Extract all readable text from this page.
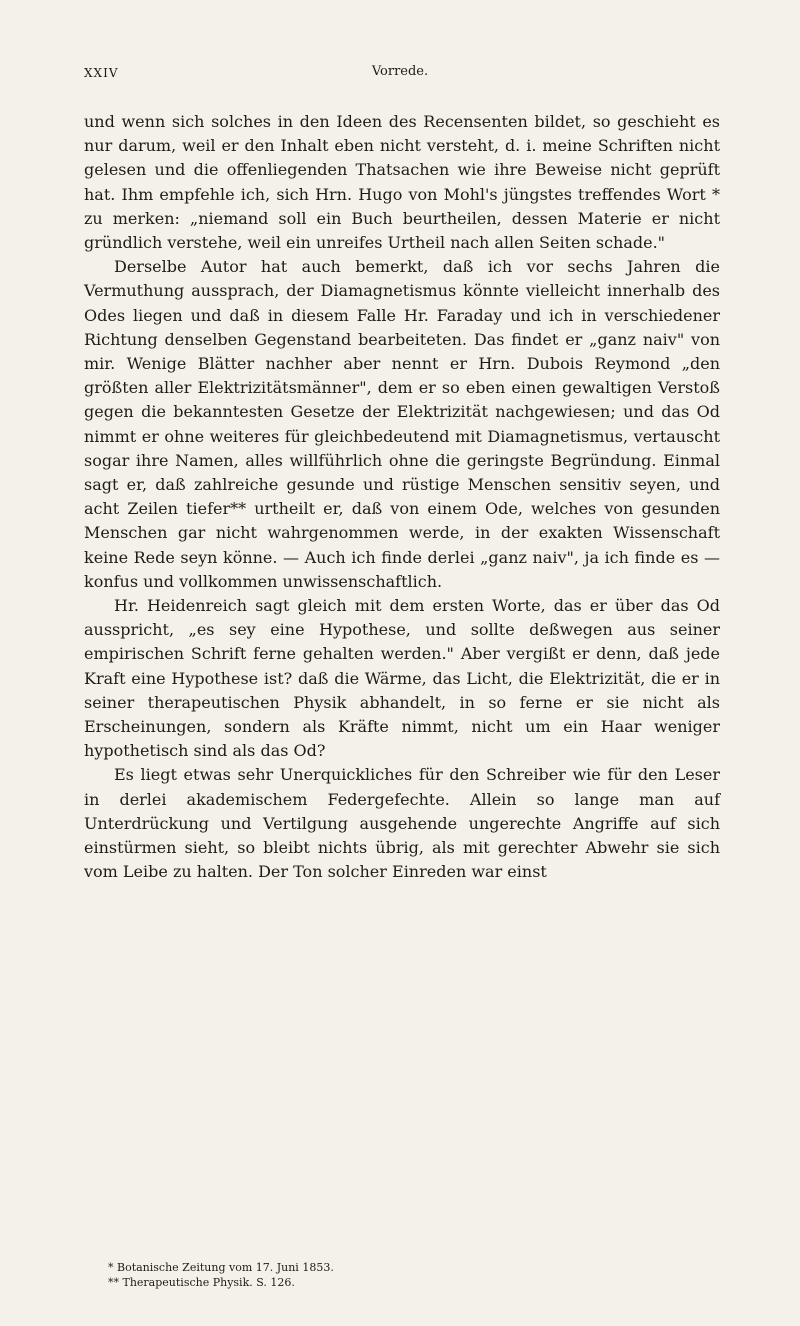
XXIV	Vorrede.

und wenn sich solches in den Ideen des Recensenten bildet, so geschieht es nur darum, weil er den Inhalt eben nicht versteht, d. i. meine Schriften nicht gelesen und die offenliegenden Thatsachen wie ihre Beweise nicht geprüft hat. Ihm empfehle ich, sich Hrn. Hugo von Mohl's jüngstes treffendes Wort * zu merken: „niemand soll ein Buch beurtheilen, dessen Materie er nicht gründlich verstehe, weil ein unreifes Urtheil nach allen Seiten schade."

Derselbe Autor hat auch bemerkt, daß ich vor sechs Jahren die Vermuthung aussprach, der Diamagnetismus könnte vielleicht innerhalb des Odes liegen und daß in diesem Falle Hr. Faraday und ich in verschiedener Richtung denselben Gegenstand bearbeiteten. Das findet er „ganz naiv" von mir. Wenige Blätter nachher aber nennt er Hrn. Dubois Reymond „den größten aller Elektrizitätsmänner", dem er so eben einen gewaltigen Verstoß gegen die bekanntesten Gesetze der Elektrizität nachgewiesen; und das Od nimmt er ohne weiteres für gleichbedeutend mit Diamagnetismus, vertauscht sogar ihre Namen, alles willführlich ohne die geringste Begründung. Einmal sagt er, daß zahlreiche gesunde und rüstige Menschen sensitiv seyen, und acht Zeilen tiefer** urtheilt er, daß von einem Ode, welches von gesunden Menschen gar nicht wahrgenommen werde, in der exakten Wissenschaft keine Rede seyn könne. — Auch ich finde derlei „ganz naiv", ja ich finde es — konfus und vollkommen unwissenschaftlich.

Hr. Heidenreich sagt gleich mit dem ersten Worte, das er über das Od ausspricht, „es sey eine Hypothese, und sollte deßwegen aus seiner empirischen Schrift ferne gehalten werden." Aber vergißt er denn, daß jede Kraft eine Hypothese ist? daß die Wärme, das Licht, die Elektrizität, die er in seiner therapeutischen Physik abhandelt, in so ferne er sie nicht als Erscheinungen, sondern als Kräfte nimmt, nicht um ein Haar weniger hypothetisch sind als das Od?

Es liegt etwas sehr Unerquickliches für den Schreiber wie für den Leser in derlei akademischem Federgefechte. Allein so lange man auf Unterdrückung und Vertilgung ausgehende ungerechte Angriffe auf sich einstürmen sieht, so bleibt nichts übrig, als mit gerechter Abwehr sie sich vom Leibe zu halten. Der Ton solcher Einreden war einst

* Botanische Zeitung vom 17. Juni 1853.
** Therapeutische Physik. S. 126.
